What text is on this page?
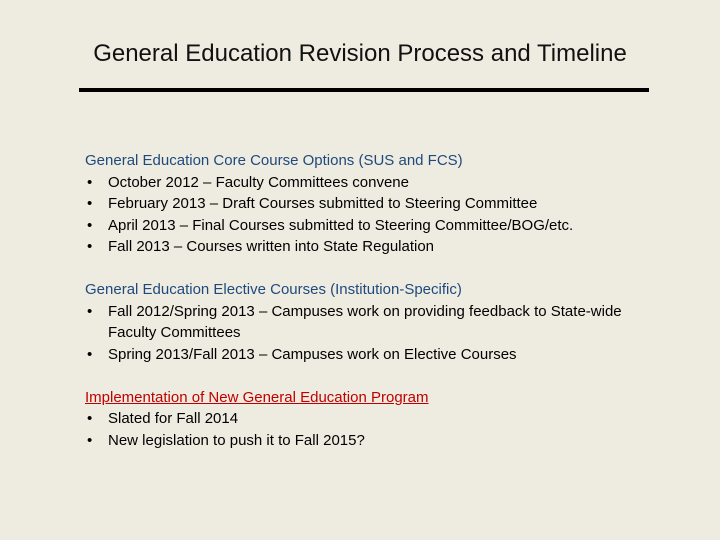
General Education Revision Process and Timeline
General Education Core Course Options (SUS and FCS)
•	October 2012 – Faculty Committees convene
•	February 2013 – Draft Courses submitted to Steering Committee
•	April 2013 – Final Courses submitted to Steering Committee/BOG/etc.
•	Fall 2013 – Courses written into State Regulation
General Education Elective Courses (Institution-Specific)
•	Fall 2012/Spring 2013 – Campuses work on providing feedback to State-wide Faculty Committees
•	Spring 2013/Fall 2013 – Campuses work on Elective Courses
Implementation of New General Education Program
•	Slated for Fall 2014
•	New legislation to push it to Fall 2015?
